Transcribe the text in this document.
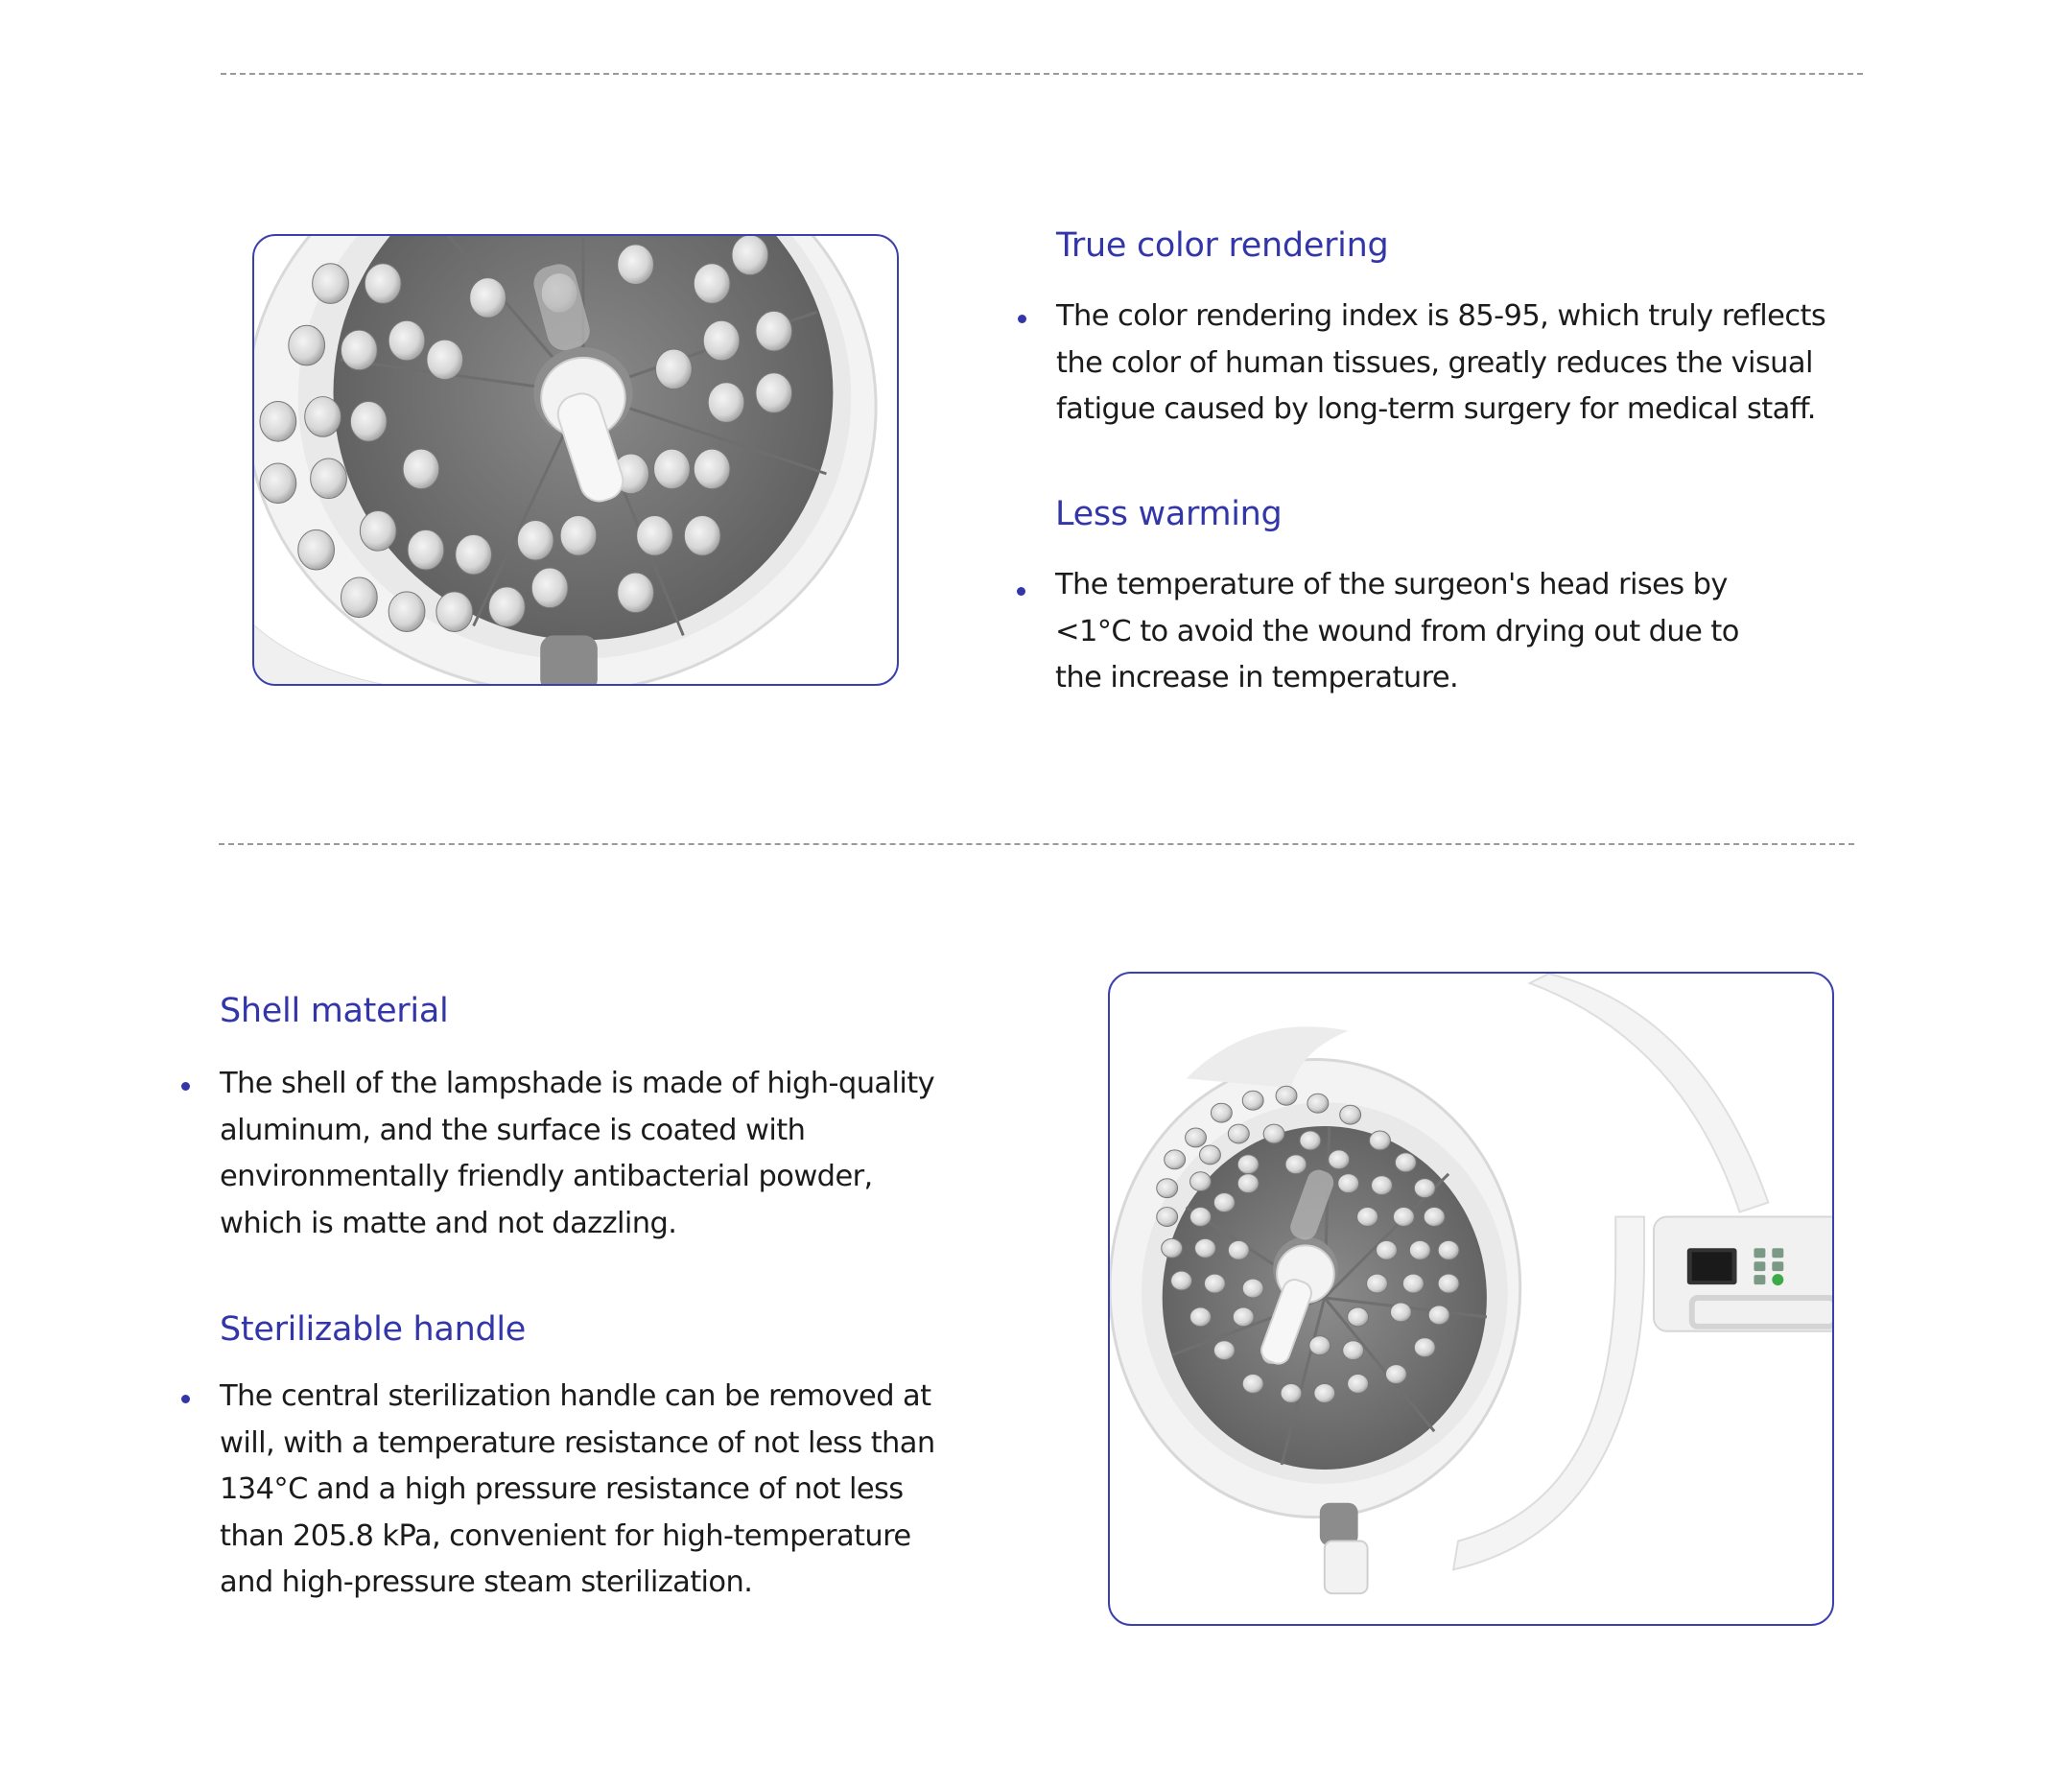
True color rendering
The color rendering index is 85-95, which truly reflects
the color of human tissues, greatly reduces the visual
fatigue caused by long-term surgery for medical staff.
Less warming
The temperature of the surgeon's head rises by
<1°C to avoid the wound from drying out due to
the increase in temperature.
Shell material
The shell of the lampshade is made of high-quality
aluminum, and the surface is coated with
environmentally friendly antibacterial powder,
which is matte and not dazzling.
Sterilizable handle
The central sterilization handle can be removed at
will, with a temperature resistance of not less than
134°C and a high pressure resistance of not less
than 205.8 kPa, convenient for high-temperature
and high-pressure steam sterilization.
